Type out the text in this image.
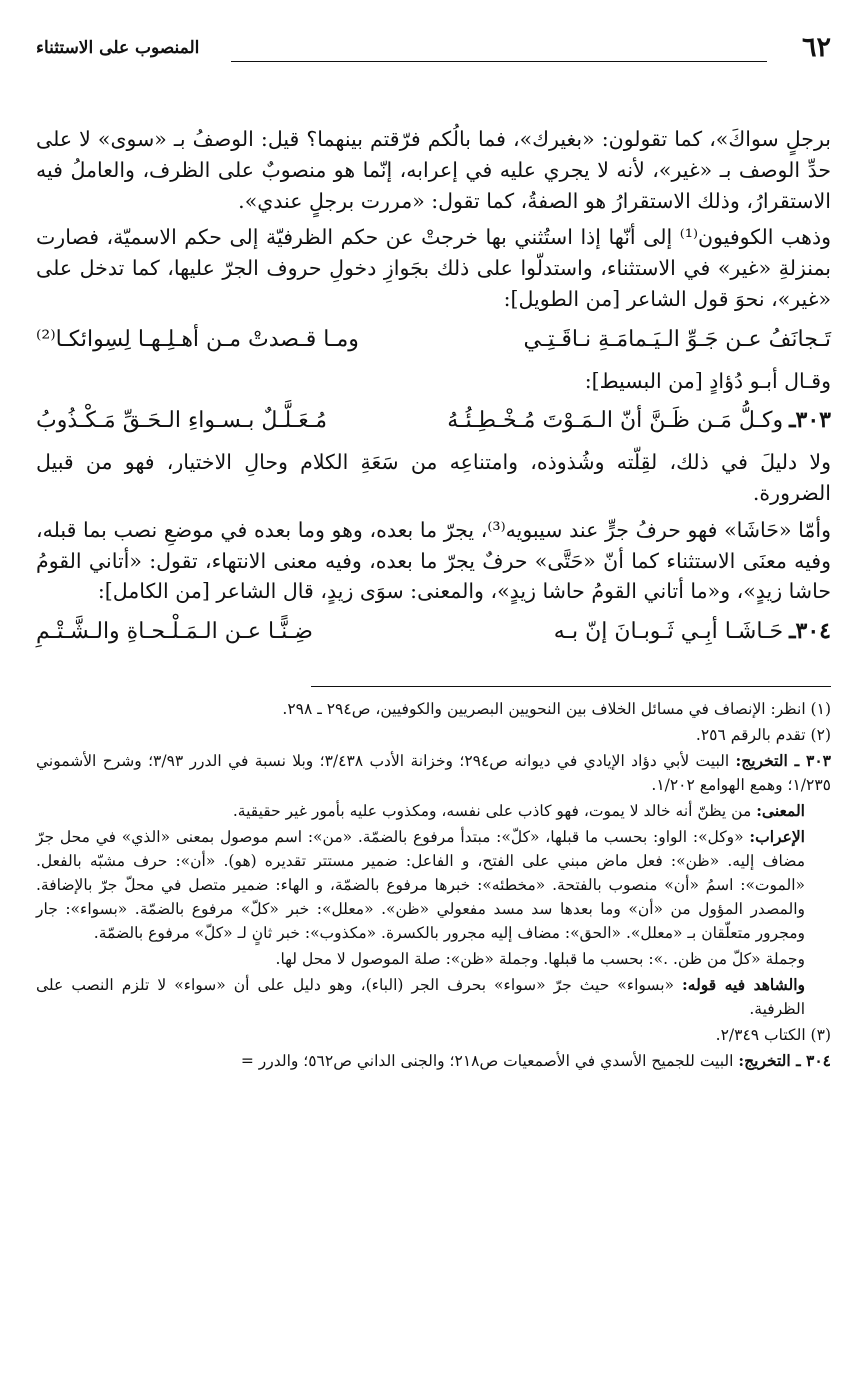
٦٢
المنصوب على الاستثناء

برجلٍ سواكَ»، كما تقولون: «بغيرك»، فما بالُكم فرّقتم بينهما؟ قيل: الوصفُ بـ «سوى» لا على حدِّ الوصف بـ «غير»، لأنه لا يجري عليه في إعرابه، إنّما هو منصوبٌ على الظرف، والعاملُ فيه الاستقرارُ، وذلك الاستقرارُ هو الصفةُ، كما تقول: «مررت برجلٍ عندي».

وذهب الكوفيون⁽¹⁾ إلى أنّها إذا استُثني بها خرجتْ عن حكم الظرفيّة إلى حكم الاسميّة، فصارت بمنزلةِ «غير» في الاستثناء، واستدلّوا على ذلك بجَوازِ دخولِ حروف الجرّ عليها، كما تدخل على «غير»، نحوَ قول الشاعر [من الطويل]:

تَـجانَفُ عـن جَـوِّ الـيَـمامَـةِ نـاقَـتِـي
ومـا قـصدتْ مـن أهـلِـهـا لِسِوائكـا⁽²⁾

وقـال أبـو دُؤادٍ [من البسيط]:

٣٠٣ـ
وكـلُّ مَـن ظَـنَّ أنّ الـمَـوْتَ مُـخْـطِـئُـهُ
مُـعَـلَّـلٌ بـسـواءِ الـحَـقِّ مَـكْـذُوبُ

ولا دليلَ في ذلك، لقِلّته وشُذوذه، وامتناعِه من سَعَةِ الكلام وحالِ الاختيار، فهو من قبيل الضرورة.

وأمّا «حَاشَا» فهو حرفُ جرٍّ عند سيبويه⁽³⁾، يجرّ ما بعده، وهو وما بعده في موضعِ نصب بما قبله، وفيه معنَى الاستثناء كما أنّ «حَتَّى» حرفٌ يجرّ ما بعده، وفيه معنى الانتهاء، تقول: «أتاني القومُ حاشا زيدٍ»، و«ما أتاني القومُ حاشا زيدٍ»، والمعنى: سوَى زيدٍ، قال الشاعر [من الكامل]:

٣٠٤ـ
حَـاشَـا أبِـي ثَـوبـانَ إنّ بـه
ضِـنًّـا عـن الـمَـلْـحـاةِ والـشَّـتْـمِ

(١) انظر: الإنصاف في مسائل الخلاف بين النحويين البصريين والكوفيين، ص٢٩٤ ـ ٢٩٨.

(٢) تقدم بالرقم ٢٥٦.

٣٠٣ ـ التخريج: البيت لأبي دؤاد الإيادي في ديوانه ص٢٩٤؛ وخزانة الأدب ٣/٤٣٨؛ وبلا نسبة في الدرر ٣/٩٣؛ وشرح الأشموني ١/٢٣٥؛ وهمع الهوامع ١/٢٠٢.

المعنى: من يظنّ أنه خالد لا يموت، فهو كاذب على نفسه، ومكذوب عليه بأمور غير حقيقية.

الإعراب: «وكل»: الواو: بحسب ما قبلها، «كلّ»: مبتدأ مرفوع بالضمّة. «من»: اسم موصول بمعنى «الذي» في محل جرّ مضاف إليه. «ظن»: فعل ماض مبني على الفتح، و الفاعل: ضمير مستتر تقديره (هو). «أن»: حرف مشبّه بالفعل. «الموت»: اسمُ «أن» منصوب بالفتحة. «مخطئه»: خبرها مرفوع بالضمّة، و الهاء: ضمير متصل في محلّ جرّ بالإضافة. والمصدر المؤول من «أن» وما بعدها سد مسد مفعولي «ظن». «معلل»: خبر «كلّ» مرفوع بالضمّة. «بسواء»: جار ومجرور متعلّقان بـ «معلل». «الحق»: مضاف إليه مجرور بالكسرة. «مكذوب»: خبر ثانٍ لـ «كلّ» مرفوع بالضمّة.

وجملة «كلّ من ظن. .»: بحسب ما قبلها. وجملة «ظن»: صلة الموصول لا محل لها.

والشاهد فيه قوله: «بسواء» حيث جرّ «سواء» بحرف الجر (الباء)، وهو دليل على أن «سواء» لا تلزم النصب على الظرفية.

(٣) الكتاب ٢/٣٤٩.

٣٠٤ ـ التخريج: البيت للجميح الأسدي في الأصمعيات ص٢١٨؛ والجنى الداني ص٥٦٢؛ والدرر =
